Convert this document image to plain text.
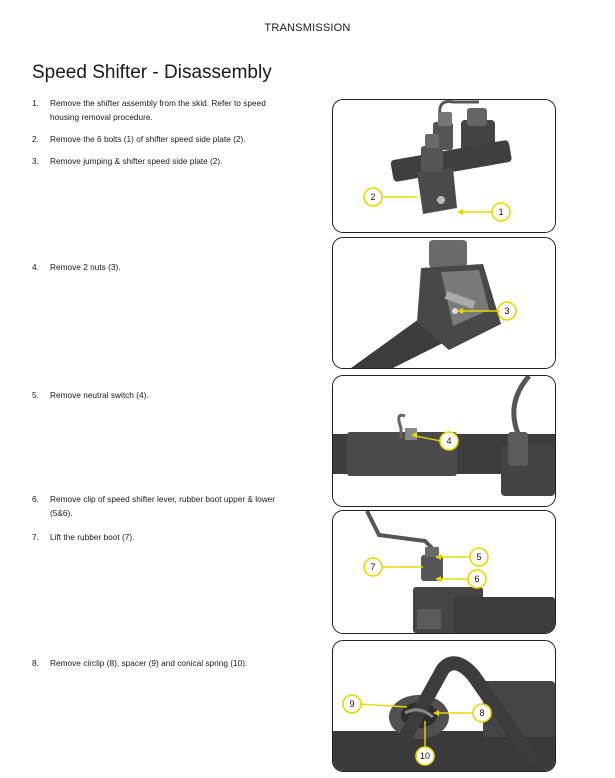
TRANSMISSION
Speed Shifter - Disassembly
1.	Remove the shifter assembly from the skid. Refer to speed housing removal procedure.
2.	Remove the 6 bolts (1) of shifter speed side plate (2).
3.	Remove jumping & shifter speed side plate (2).
4.	Remove 2 nuts (3).
5.	Remove neutral switch (4).
6.	Remove clip of speed shifter lever, rubber boot upper & lower (5&6).
7.	Lift the rubber boot (7).
8.	Remove circlip (8), spacer (9) and conical spring (10).
2
1
3
4
5
7
6
9
8
10
